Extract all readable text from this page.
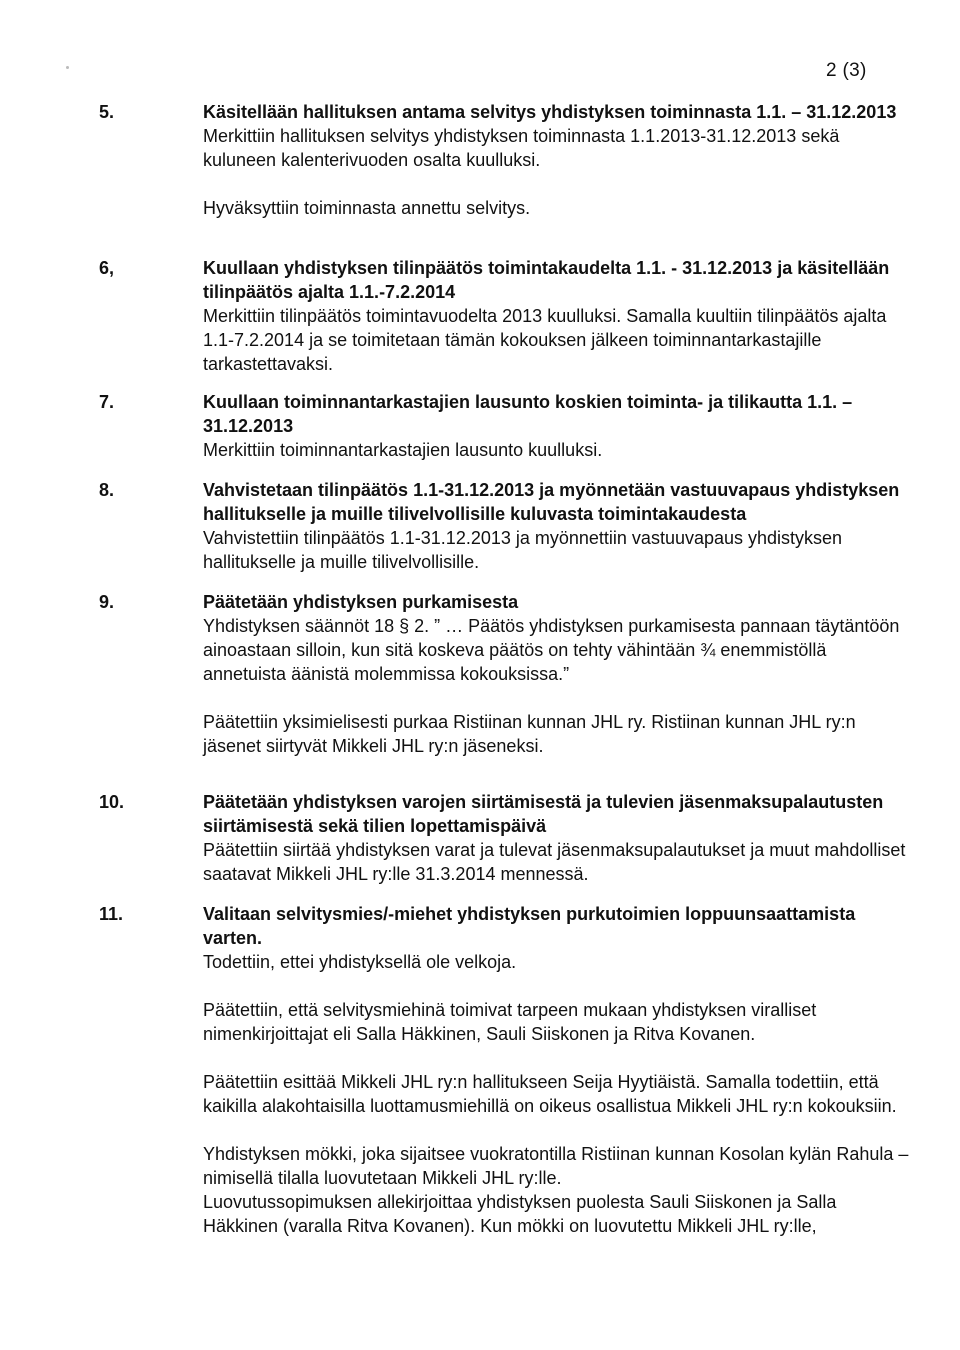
2 (3)
5.	Käsitellään hallituksen antama selvitys yhdistyksen toiminnasta 1.1. – 31.12.2013

Merkittiin hallituksen selvitys yhdistyksen toiminnasta 1.1.2013-31.12.2013 sekä kuluneen kalenterivuoden osalta kuulluksi.

Hyväksyttiin toiminnasta annettu selvitys.

6,	Kuullaan yhdistyksen tilinpäätös toimintakaudelta 1.1. - 31.12.2013 ja käsitellään tilinpäätös ajalta 1.1.-7.2.2014

Merkittiin tilinpäätös toimintavuodelta 2013 kuulluksi. Samalla kuultiin tilinpäätös ajalta 1.1-7.2.2014 ja se toimitetaan tämän kokouksen jälkeen toiminnantarkastajille tarkastettavaksi.

7.	Kuullaan toiminnantarkastajien lausunto koskien toiminta- ja tilikautta 1.1. – 31.12.2013

Merkittiin toiminnantarkastajien lausunto kuulluksi.

8.	Vahvistetaan tilinpäätös 1.1-31.12.2013 ja myönnetään vastuuvapaus yhdistyksen hallitukselle ja muille tilivelvollisille kuluvasta toimintakaudesta

Vahvistettiin tilinpäätös 1.1-31.12.2013 ja myönnettiin vastuuvapaus yhdistyksen hallitukselle ja muille tilivelvollisille.

9.	Päätetään yhdistyksen purkamisesta

Yhdistyksen säännöt 18 § 2. ” … Päätös yhdistyksen purkamisesta pannaan täytäntöön ainoastaan silloin, kun sitä koskeva päätös on tehty vähintään ¾ enemmistöllä annetuista äänistä molemmissa kokouksissa.”

Päätettiin yksimielisesti purkaa Ristiinan kunnan JHL ry. Ristiinan kunnan JHL ry:n jäsenet siirtyvät Mikkeli JHL ry:n jäseneksi.

10.	Päätetään yhdistyksen varojen siirtämisestä ja tulevien jäsenmaksupalautusten siirtämisestä sekä tilien lopettamispäivä

Päätettiin siirtää yhdistyksen varat ja tulevat jäsenmaksupalautukset ja muut mahdolliset saatavat Mikkeli JHL ry:lle 31.3.2014 mennessä.

11.	Valitaan selvitysmies/-miehet yhdistyksen purkutoimien loppuunsaattamista varten.

Todettiin, ettei yhdistyksellä ole velkoja.

Päätettiin, että selvitysmiehinä toimivat tarpeen mukaan yhdistyksen viralliset nimenkirjoittajat eli Salla Häkkinen, Sauli Siiskonen ja Ritva Kovanen.

Päätettiin esittää Mikkeli JHL ry:n hallitukseen Seija Hyytiäistä. Samalla todettiin, että kaikilla alakohtaisilla luottamusmiehillä on oikeus osallistua Mikkeli JHL ry:n kokouksiin.

Yhdistyksen mökki, joka sijaitsee vuokratontilla Ristiinan kunnan Kosolan kylän Rahula –nimisellä tilalla luovutetaan Mikkeli JHL ry:lle.

Luovutussopimuksen allekirjoittaa yhdistyksen puolesta Sauli Siiskonen ja Salla Häkkinen (varalla Ritva Kovanen). Kun mökki on luovutettu Mikkeli JHL ry:lle,
